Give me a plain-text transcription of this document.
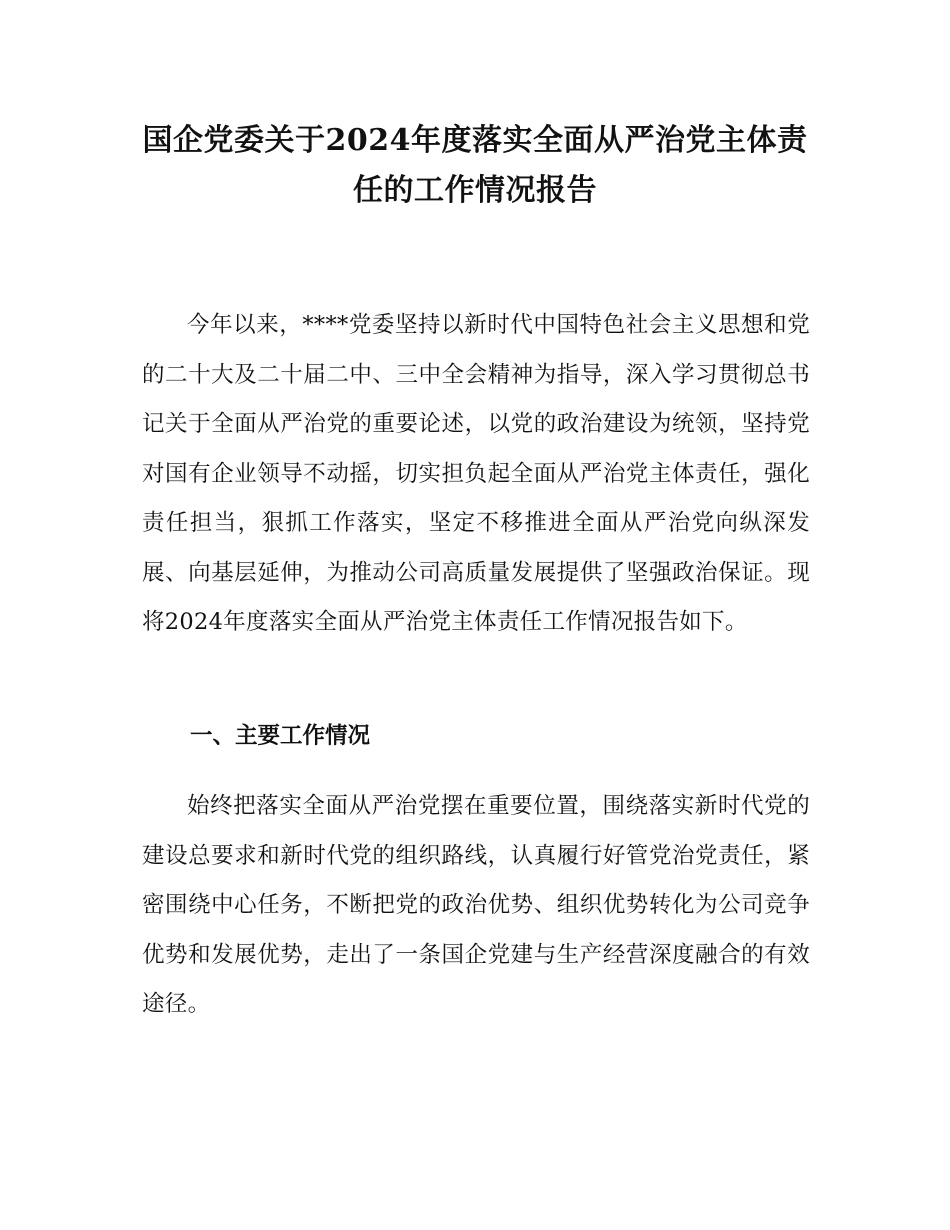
国企党委关于2024年度落实全面从严治党主体责任的工作情况报告

今年以来，****党委坚持以新时代中国特色社会主义思想和党的二十大及二十届二中、三中全会精神为指导，深入学习贯彻总书记关于全面从严治党的重要论述，以党的政治建设为统领，坚持党对国有企业领导不动摇，切实担负起全面从严治党主体责任，强化责任担当，狠抓工作落实，坚定不移推进全面从严治党向纵深发展、向基层延伸，为推动公司高质量发展提供了坚强政治保证。现将2024年度落实全面从严治党主体责任工作情况报告如下。

一、主要工作情况

始终把落实全面从严治党摆在重要位置，围绕落实新时代党的建设总要求和新时代党的组织路线，认真履行好管党治党责任，紧密围绕中心任务，不断把党的政治优势、组织优势转化为公司竞争优势和发展优势，走出了一条国企党建与生产经营深度融合的有效途径。
